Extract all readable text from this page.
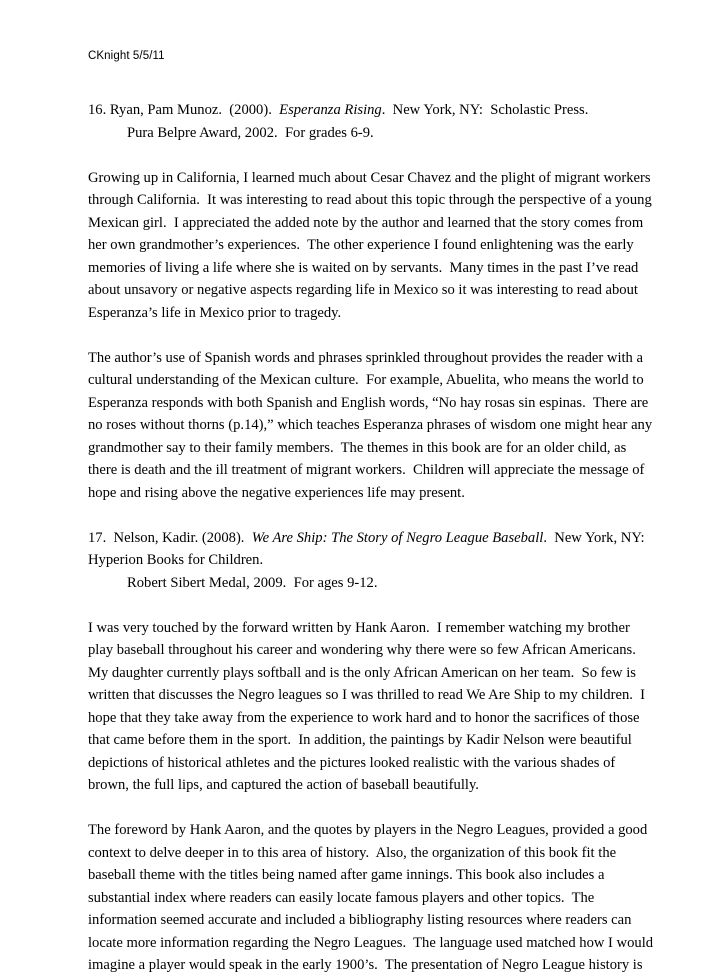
CKnight 5/5/11
16. Ryan, Pam Munoz.  (2000).  Esperanza Rising.  New York, NY:  Scholastic Press.
Pura Belpre Award, 2002.  For grades 6-9.
Growing up in California, I learned much about Cesar Chavez and the plight of migrant workers
through California.  It was interesting to read about this topic through the perspective of a young
Mexican girl.  I appreciated the added note by the author and learned that the story comes from
her own grandmother’s experiences.  The other experience I found enlightening was the early
memories of living a life where she is waited on by servants.  Many times in the past I’ve read
about unsavory or negative aspects regarding life in Mexico so it was interesting to read about
Esperanza’s life in Mexico prior to tragedy.
The author’s use of Spanish words and phrases sprinkled throughout provides the reader with a
cultural understanding of the Mexican culture.  For example, Abuelita, who means the world to
Esperanza responds with both Spanish and English words, “No hay rosas sin espinas.  There are
no roses without thorns (p.14),” which teaches Esperanza phrases of wisdom one might hear any
grandmother say to their family members.  The themes in this book are for an older child, as
there is death and the ill treatment of migrant workers.  Children will appreciate the message of
hope and rising above the negative experiences life may present.
17.  Nelson, Kadir. (2008).  We Are Ship: The Story of Negro League Baseball.  New York, NY:
Hyperion Books for Children.
Robert Sibert Medal, 2009.  For ages 9-12.
I was very touched by the forward written by Hank Aaron.  I remember watching my brother
play baseball throughout his career and wondering why there were so few African Americans.
My daughter currently plays softball and is the only African American on her team.  So few is
written that discusses the Negro leagues so I was thrilled to read We Are Ship to my children.  I
hope that they take away from the experience to work hard and to honor the sacrifices of those
that came before them in the sport.  In addition, the paintings by Kadir Nelson were beautiful
depictions of historical athletes and the pictures looked realistic with the various shades of
brown, the full lips, and captured the action of baseball beautifully.
The foreword by Hank Aaron, and the quotes by players in the Negro Leagues, provided a good
context to delve deeper in to this area of history.  Also, the organization of this book fit the
baseball theme with the titles being named after game innings. This book also includes a
substantial index where readers can easily locate famous players and other topics.  The
information seemed accurate and included a bibliography listing resources where readers can
locate more information regarding the Negro Leagues.  The language used matched how I would
imagine a player would speak in the early 1900’s.  The presentation of Negro League history is
